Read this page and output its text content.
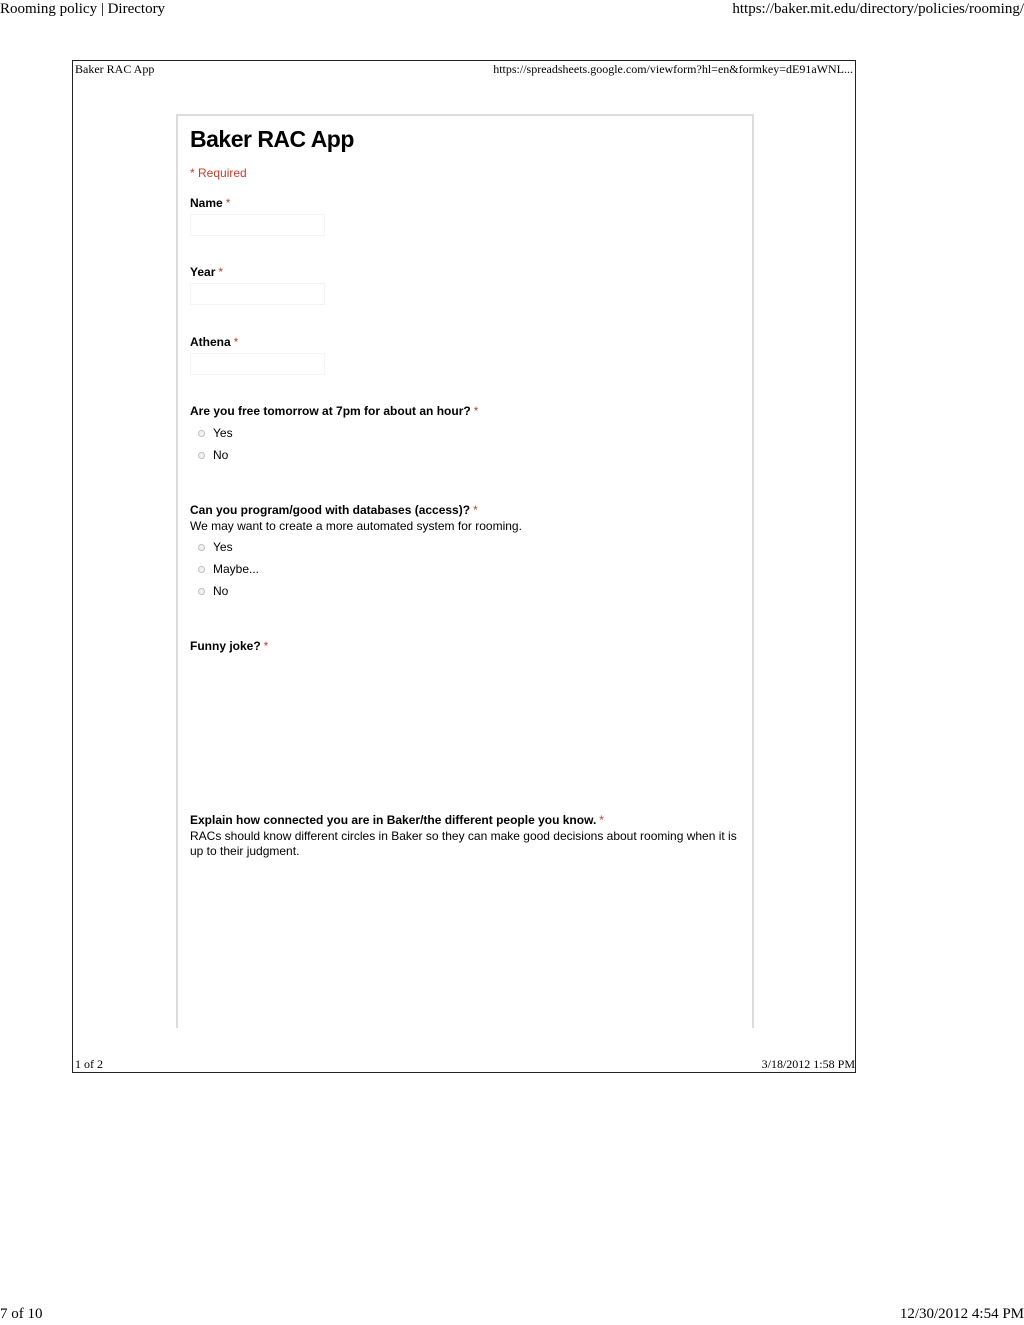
Rooming policy | Directory	https://baker.mit.edu/directory/policies/rooming/
Baker RAC App	https://spreadsheets.google.com/viewform?hl=en&formkey=dE91aWNL...
Baker RAC App
* Required
Name *
Year *
Athena *
Are you free tomorrow at 7pm for about an hour? *
Yes
No
Can you program/good with databases (access)? *
We may want to create a more automated system for rooming.
Yes
Maybe...
No
Funny joke? *
Explain how connected you are in Baker/the different people you know. *
RACs should know different circles in Baker so they can make good decisions about rooming when it is up to their judgment.
1 of 2	3/18/2012 1:58 PM
7 of 10	12/30/2012 4:54 PM
